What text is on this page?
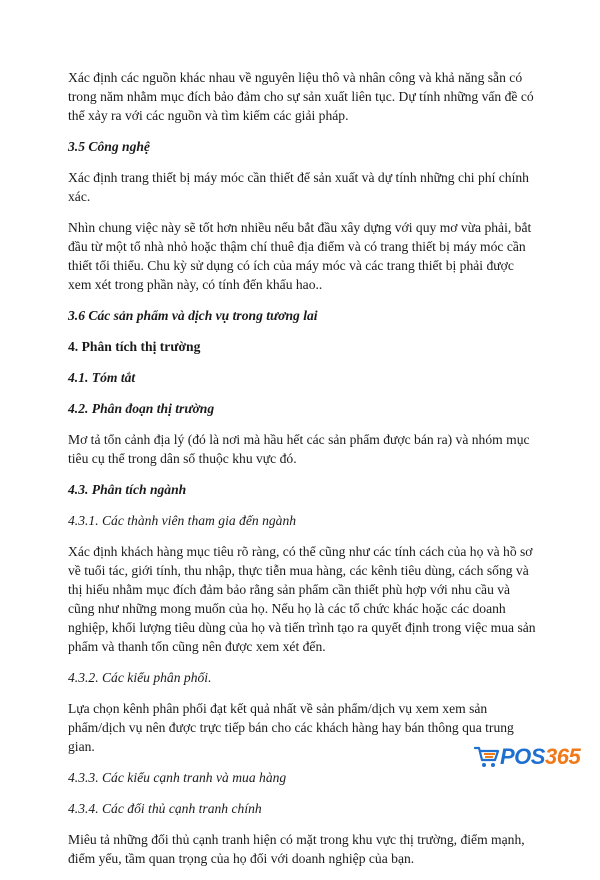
Xác định các nguồn khác nhau về nguyên liệu thô và nhân công và khả năng sẵn có trong năm nhằm mục đích bảo đảm cho sự sản xuất liên tục. Dự tính những vấn đề có thể xảy ra với các nguồn và tìm kiếm các giải pháp.

3.5 Công nghệ

Xác định trang thiết bị máy móc cần thiết để sản xuất và dự tính những chi phí chính xác.

Nhìn chung việc này sẽ tốt hơn nhiều nếu bắt đầu xây dựng với quy mơ vừa phải, bắt đầu từ một tổ nhà nhỏ hoặc thậm chí thuê địa điểm và có trang thiết bị máy móc cần thiết tối thiểu. Chu kỳ sử dụng có ích của máy móc và các trang thiết bị phải được xem xét trong phần này, có tính đến khấu hao..

3.6 Các sản phẩm và dịch vụ trong tương lai

4. Phân tích thị trường

4.1. Tóm tắt

4.2. Phân đoạn thị trường

Mơ tả tổn cảnh địa lý (đó là nơi mà hầu hết các sản phẩm được bán ra) và nhóm mục tiêu cụ thể trong dân số thuộc khu vực đó.

4.3. Phân tích ngành

4.3.1. Các thành viên tham gia đến ngành

Xác định khách hàng mục tiêu rõ ràng, có thể cũng như các tính cách của họ và hồ sơ về tuổi tác, giới tính, thu nhập, thực tiễn mua hàng, các kênh tiêu dùng, cách sống và thị hiếu nhằm mục đích đảm bảo rằng sản phẩm cần thiết phù hợp với nhu cầu và cũng như những mong muốn của họ. Nếu họ là các tổ chức khác hoặc các doanh nghiệp, khối lượng tiêu dùng của họ và tiến trình tạo ra quyết định trong việc mua sản phẩm và thanh tốn cũng nên được xem xét đến.

4.3.2. Các kiểu phân phối.

Lựa chọn kênh phân phối đạt kết quả nhất về sản phẩm/dịch vụ xem xem sản phẩm/dịch vụ nên được trực tiếp bán cho các khách hàng hay bán thông qua trung gian.

4.3.3. Các kiểu cạnh tranh và mua hàng

4.3.4. Các đối thủ cạnh tranh chính

Miêu tả những đối thủ cạnh tranh hiện có mặt trong khu vực thị trường, điểm mạnh, điểm yếu, tầm quan trọng của họ đối với doanh nghiệp của bạn.

POS365
